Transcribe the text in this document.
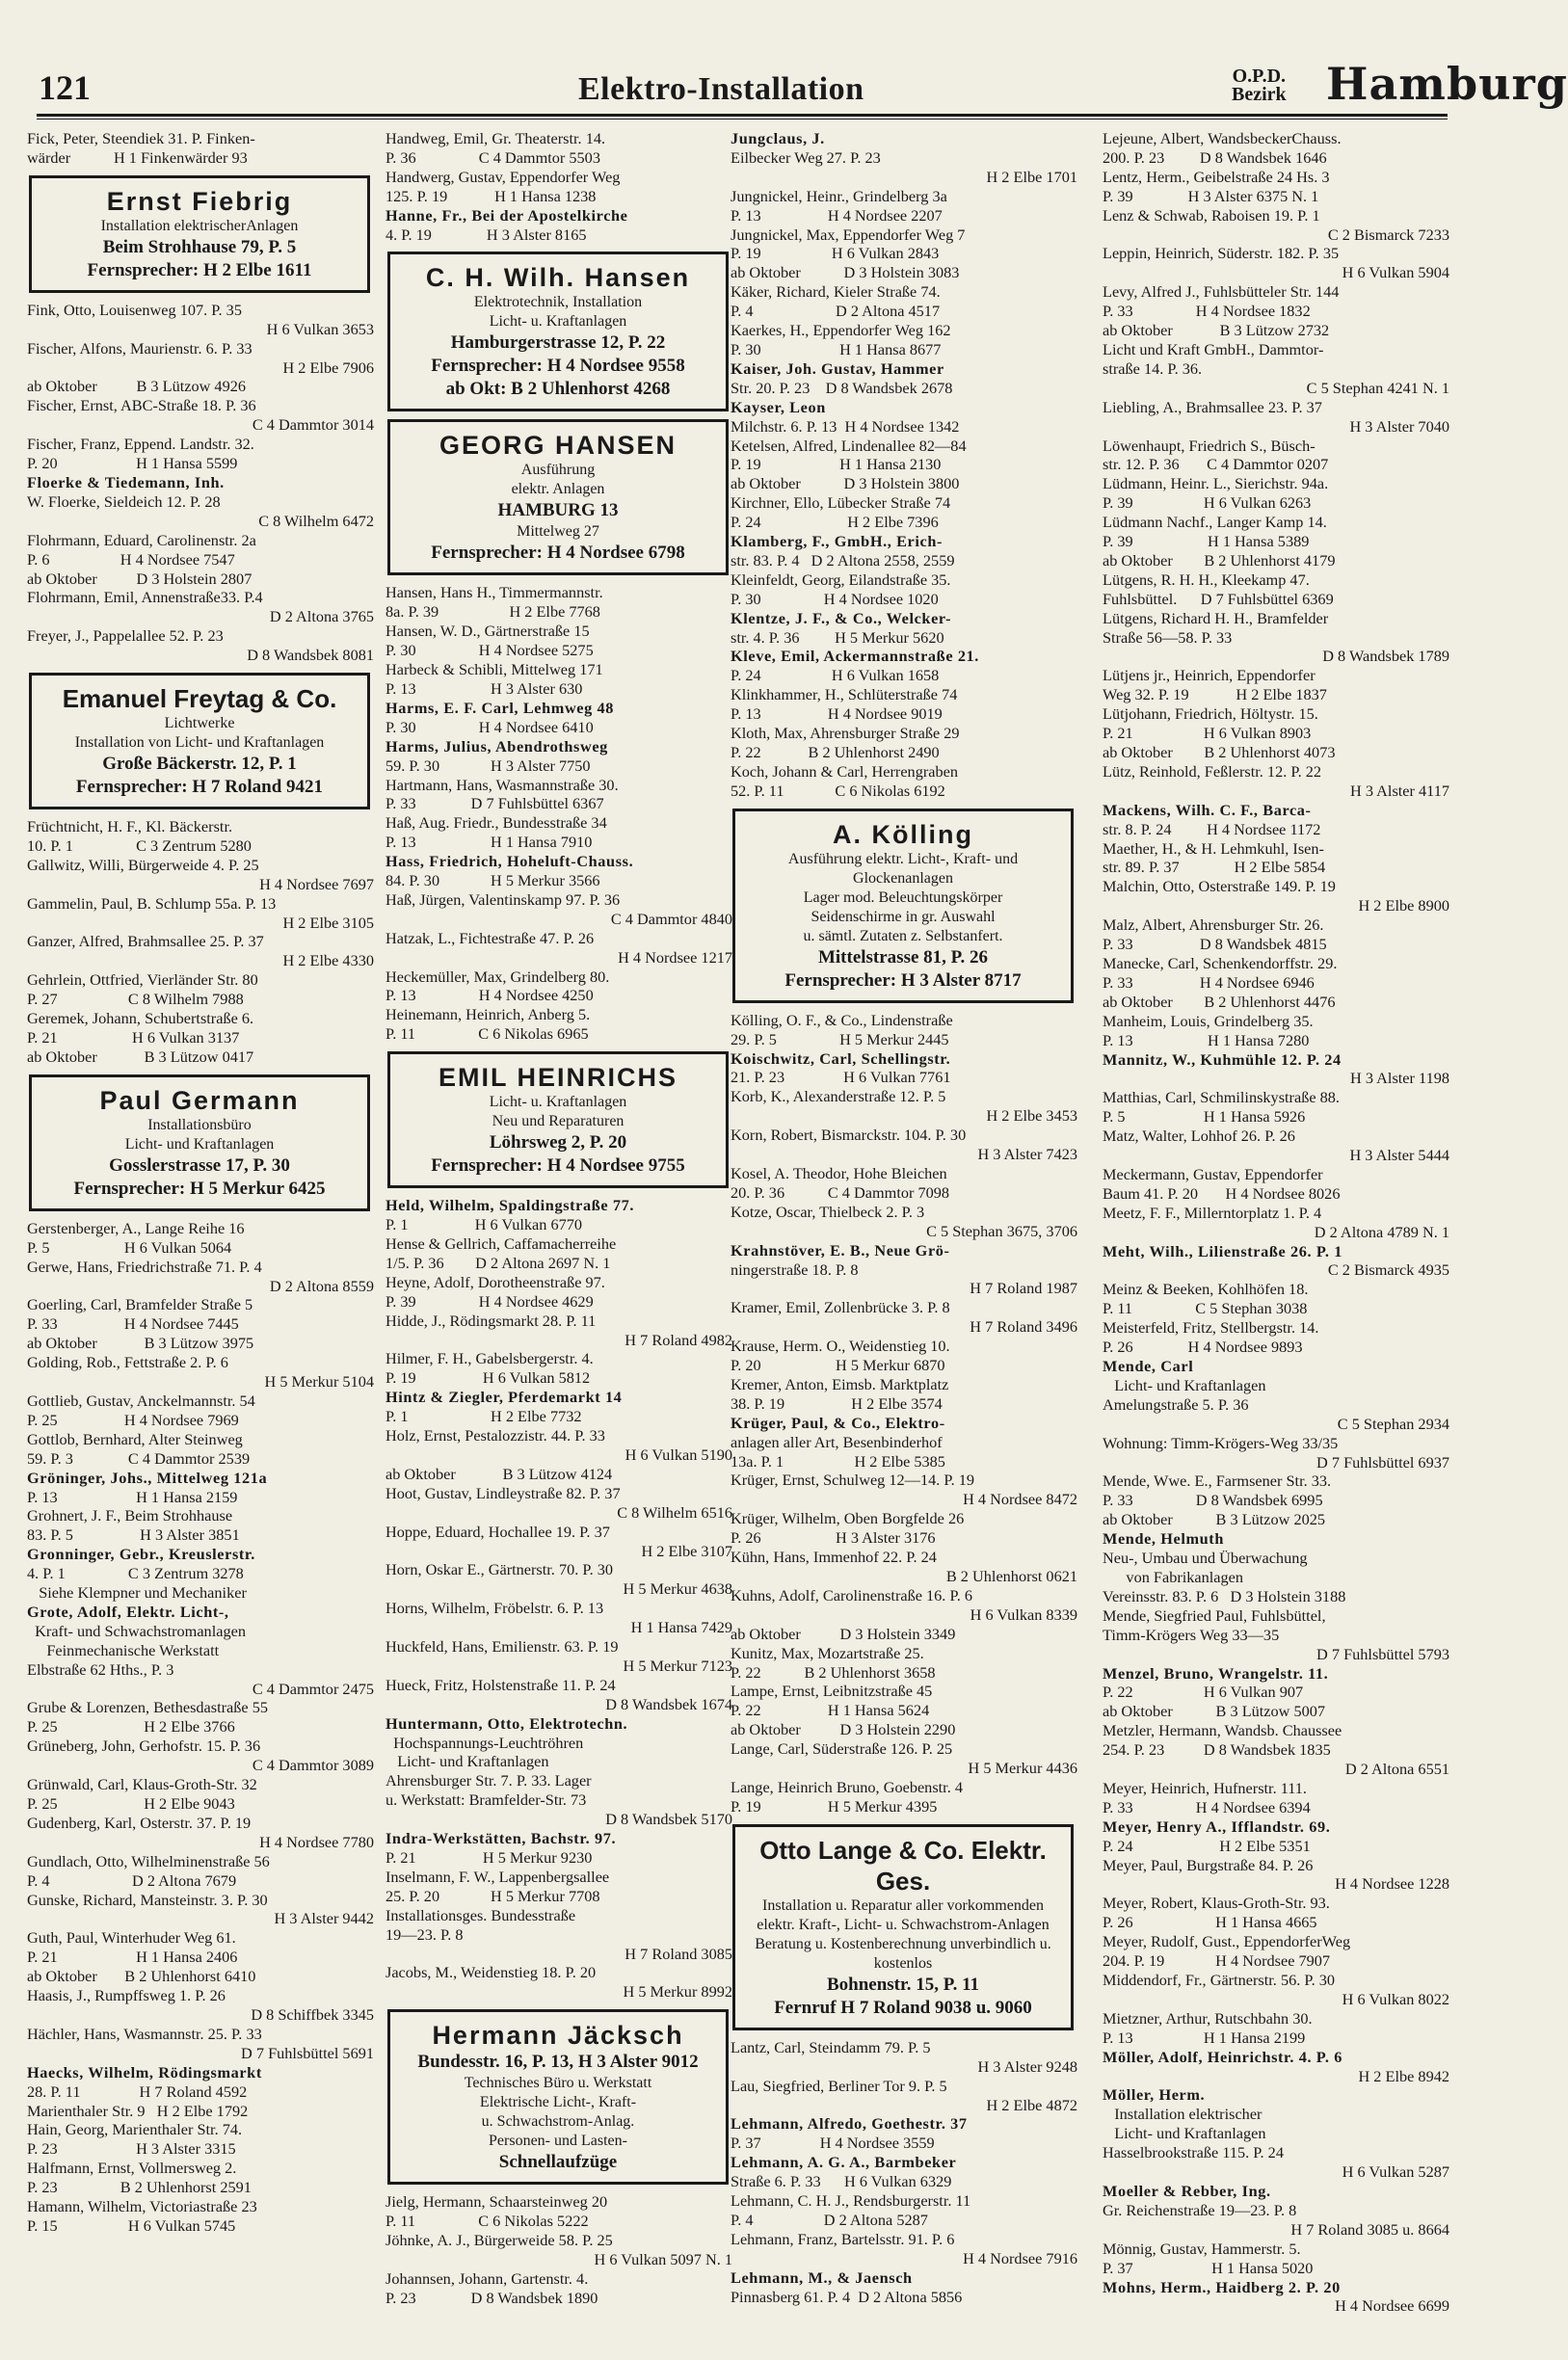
121	Elektro-Installation	O.P.D.
Bezirk Hamburg
Fick, Peter, Steendiek 31. P. Finken-
wärder           H 1 Finkenwärder 93
Ernst Fiebrig
Installation elektrischerAnlagen
Beim Strohhause 79, P. 5
Fernsprecher: H 2 Elbe 1611
Fink, Otto, Louisenweg 107. P. 35
H 6 Vulkan 3653
Fischer, Alfons, Maurienstr. 6. P. 33
H 2 Elbe 7906
ab Oktober          B 3 Lützow 4926
Fischer, Ernst, ABC-Straße 18. P. 36
C 4 Dammtor 3014
Fischer, Franz, Eppend. Landstr. 32.
P. 20                    H 1 Hansa 5599
Floerke & Tiedemann, Inh.
W. Floerke, Sieldeich 12. P. 28
C 8 Wilhelm 6472
Flohrmann, Eduard, Carolinenstr. 2a
P. 6                  H 4 Nordsee 7547
ab Oktober          D 3 Holstein 2807
Flohrmann, Emil, Annenstraße33. P.4
D 2 Altona 3765
Freyer, J., Pappelallee 52. P. 23
D 8 Wandsbek 8081
Emanuel Freytag & Co.
Lichtwerke
Installation von Licht- und Kraftanlagen
Große Bäckerstr. 12, P. 1
Fernsprecher: H 7 Roland 9421
Früchtnicht, H. F., Kl. Bäckerstr.
10. P. 1                C 3 Zentrum 5280
Gallwitz, Willi, Bürgerweide 4. P. 25
H 4 Nordsee 7697
Gammelin, Paul, B. Schlump 55a. P. 13
H 2 Elbe 3105
Ganzer, Alfred, Brahmsallee 25. P. 37
H 2 Elbe 4330
Gehrlein, Ottfried, Vierländer Str. 80
P. 27                  C 8 Wilhelm 7988
Geremek, Johann, Schubertstraße 6.
P. 21                   H 6 Vulkan 3137
ab Oktober            B 3 Lützow 0417
Paul Germann
Installationsbüro
Licht- und Kraftanlagen
Gosslerstrasse 17, P. 30
Fernsprecher: H 5 Merkur 6425
Gerstenberger, A., Lange Reihe 16
P. 5                   H 6 Vulkan 5064
Gerwe, Hans, Friedrichstraße 71. P. 4
D 2 Altona 8559
Goerling, Carl, Bramfelder Straße 5
P. 33                 H 4 Nordsee 7445
ab Oktober            B 3 Lützow 3975
Golding, Rob., Fettstraße 2. P. 6
H 5 Merkur 5104
Gottlieb, Gustav, Anckelmannstr. 54
P. 25                 H 4 Nordsee 7969
Gottlob, Bernhard, Alter Steinweg
59. P. 3              C 4 Dammtor 2539
Gröninger, Johs., Mittelweg 121a
P. 13                    H 1 Hansa 2159
Grohnert, J. F., Beim Strohhause
83. P. 5                 H 3 Alster 3851
Gronninger, Gebr., Kreuslerstr.
4. P. 1                C 3 Zentrum 3278
Siehe Klempner und Mechaniker
Grote, Adolf, Elektr. Licht-,
Kraft- und Schwachstromanlagen
Feinmechanische Werkstatt
Elbstraße 62 Hths., P. 3
C 4 Dammtor 2475
Grube & Lorenzen, Bethesdastraße 55
P. 25                      H 2 Elbe 3766
Grüneberg, John, Gerhofstr. 15. P. 36
C 4 Dammtor 3089
Grünwald, Carl, Klaus-Groth-Str. 32
P. 25                      H 2 Elbe 9043
Gudenberg, Karl, Osterstr. 37. P. 19
H 4 Nordsee 7780
Gundlach, Otto, Wilhelminenstraße 56
P. 4                     D 2 Altona 7679
Gunske, Richard, Mansteinstr. 3. P. 30
H 3 Alster 9442
Guth, Paul, Winterhuder Weg 61.
P. 21                    H 1 Hansa 2406
ab Oktober       B 2 Uhlenhorst 6410
Haasis, J., Rumpffsweg 1. P. 26
D 8 Schiffbek 3345
Hächler, Hans, Wasmannstr. 25. P. 33
D 7 Fuhlsbüttel 5691
Haecks, Wilhelm, Rödingsmarkt
28. P. 11               H 7 Roland 4592
Marienthaler Str. 9   H 2 Elbe 1792
Hain, Georg, Marienthaler Str. 74.
P. 23                    H 3 Alster 3315
Halfmann, Ernst, Vollmersweg 2.
P. 23                B 2 Uhlenhorst 2591
Hamann, Wilhelm, Victoriastraße 23
P. 15                  H 6 Vulkan 5745
Handweg, Emil, Gr. Theaterstr. 14.
P. 36                C 4 Dammtor 5503
Handwerg, Gustav, Eppendorfer Weg
125. P. 19            H 1 Hansa 1238
Hanne, Fr., Bei der Apostelkirche
4. P. 19              H 3 Alster 8165
C. H. Wilh. Hansen
Elektrotechnik, Installation
Licht- u. Kraftanlagen
Hamburgerstrasse 12, P. 22
Fernsprecher: H 4 Nordsee 9558
ab Okt: B 2 Uhlenhorst 4268
GEORG HANSEN
Ausführung
elektr. Anlagen
HAMBURG 13
Mittelweg 27
Fernsprecher: H 4 Nordsee 6798
Hansen, Hans H., Timmermannstr.
8a. P. 39                  H 2 Elbe 7768
Hansen, W. D., Gärtnerstraße 15
P. 30                H 4 Nordsee 5275
Harbeck & Schibli, Mittelweg 171
P. 13                   H 3 Alster 630
Harms, E. F. Carl, Lehmweg 48
P. 30                H 4 Nordsee 6410
Harms, Julius, Abendrothsweg
59. P. 30             H 3 Alster 7750
Hartmann, Hans, Wasmannstraße 30.
P. 33              D 7 Fuhlsbüttel 6367
Haß, Aug. Friedr., Bundesstraße 34
P. 13                   H 1 Hansa 7910
Hass, Friedrich, Hoheluft-Chauss.
84. P. 30             H 5 Merkur 3566
Haß, Jürgen, Valentinskamp 97. P. 36
C 4 Dammtor 4840
Hatzak, L., Fichtestraße 47. P. 26
H 4 Nordsee 1217
Heckemüller, Max, Grindelberg 80.
P. 13                H 4 Nordsee 4250
Heinemann, Heinrich, Anberg 5.
P. 11                C 6 Nikolas 6965
EMIL HEINRICHS
Licht- u. Kraftanlagen
Neu und Reparaturen
Löhrsweg 2, P. 20
Fernsprecher: H 4 Nordsee 9755
Held, Wilhelm, Spaldingstraße 77.
P. 1                 H 6 Vulkan 6770
Hense & Gellrich, Caffamacherreihe
1/5. P. 36        D 2 Altona 2697 N. 1
Heyne, Adolf, Dorotheenstraße 97.
P. 39                H 4 Nordsee 4629
Hidde, J., Rödingsmarkt 28. P. 11
H 7 Roland 4982
Hilmer, F. H., Gabelsbergerstr. 4.
P. 19                 H 6 Vulkan 5812
Hintz & Ziegler, Pferdemarkt 14
P. 1                     H 2 Elbe 7732
Holz, Ernst, Pestalozzistr. 44. P. 33
H 6 Vulkan 5190
ab Oktober            B 3 Lützow 4124
Hoot, Gustav, Lindleystraße 82. P. 37
C 8 Wilhelm 6516
Hoppe, Eduard, Hochallee 19. P. 37
H 2 Elbe 3107
Horn, Oskar E., Gärtnerstr. 70. P. 30
H 5 Merkur 4638
Horns, Wilhelm, Fröbelstr. 6. P. 13
H 1 Hansa 7429
Huckfeld, Hans, Emilienstr. 63. P. 19
H 5 Merkur 7123
Hueck, Fritz, Holstenstraße 11. P. 24
D 8 Wandsbek 1674
Huntermann, Otto, Elektrotechn.
Hochspannungs-Leuchtröhren
Licht- und Kraftanlagen
Ahrensburger Str. 7. P. 33. Lager
u. Werkstatt: Bramfelder-Str. 73
D 8 Wandsbek 5170
Indra-Werkstätten, Bachstr. 97.
P. 21                 H 5 Merkur 9230
Inselmann, F. W., Lappenbergsallee
25. P. 20             H 5 Merkur 7708
Installationsges. Bundesstraße
19—23. P. 8
H 7 Roland 3085
Jacobs, M., Weidenstieg 18. P. 20
H 5 Merkur 8992
Hermann Jäcksch
Bundesstr. 16, P. 13, H 3 Alster 9012
Technisches Büro u. Werkstatt
Elektrische Licht-, Kraft-
u. Schwachstrom-Anlag.
Personen- und Lasten-
Schnellaufzüge
Jielg, Hermann, Schaarsteinweg 20
P. 11                C 6 Nikolas 5222
Jöhnke, A. J., Bürgerweide 58. P. 25
H 6 Vulkan 5097 N. 1
Johannsen, Johann, Gartenstr. 4.
P. 23              D 8 Wandsbek 1890
Jungclaus, J.
Eilbecker Weg 27. P. 23
H 2 Elbe 1701
Jungnickel, Heinr., Grindelberg 3a
P. 13                 H 4 Nordsee 2207
Jungnickel, Max, Eppendorfer Weg 7
P. 19                  H 6 Vulkan 2843
ab Oktober           D 3 Holstein 3083
Käker, Richard, Kieler Straße 74.
P. 4                     D 2 Altona 4517
Kaerkes, H., Eppendorfer Weg 162
P. 30                    H 1 Hansa 8677
Kaiser, Joh. Gustav, Hammer
Str. 20. P. 23    D 8 Wandsbek 2678
Kayser, Leon
Milchstr. 6. P. 13  H 4 Nordsee 1342
Ketelsen, Alfred, Lindenallee 82—84
P. 19                    H 1 Hansa 2130
ab Oktober           D 3 Holstein 3800
Kirchner, Ello, Lübecker Straße 74
P. 24                      H 2 Elbe 7396
Klamberg, F., GmbH., Erich-
str. 83. P. 4   D 2 Altona 2558, 2559
Kleinfeldt, Georg, Eilandstraße 35.
P. 30                H 4 Nordsee 1020
Klentze, J. F., & Co., Welcker-
str. 4. P. 36         H 5 Merkur 5620
Kleve, Emil, Ackermannstraße 21.
P. 24                  H 6 Vulkan 1658
Klinkhammer, H., Schlüterstraße 74
P. 13                 H 4 Nordsee 9019
Kloth, Max, Ahrensburger Straße 29
P. 22            B 2 Uhlenhorst 2490
Koch, Johann & Carl, Herrengraben
52. P. 11             C 6 Nikolas 6192
A. Kölling
Ausführung elektr. Licht-, Kraft- und Glockenanlagen
Lager mod. Beleuchtungskörper
Seidenschirme in gr. Auswahl
u. sämtl. Zutaten z. Selbstanfert.
Mittelstrasse 81, P. 26
Fernsprecher: H 3 Alster 8717
Kölling, O. F., & Co., Lindenstraße
29. P. 5                H 5 Merkur 2445
Koischwitz, Carl, Schellingstr.
21. P. 23               H 6 Vulkan 7761
Korb, K., Alexanderstraße 12. P. 5
H 2 Elbe 3453
Korn, Robert, Bismarckstr. 104. P. 30
H 3 Alster 7423
Kosel, A. Theodor, Hohe Bleichen
20. P. 36           C 4 Dammtor 7098
Kotze, Oscar, Thielbeck 2. P. 3
C 5 Stephan 3675, 3706
Krahnstöver, E. B., Neue Grö-
ningerstraße 18. P. 8
H 7 Roland 1987
Kramer, Emil, Zollenbrücke 3. P. 8
H 7 Roland 3496
Krause, Herm. O., Weidenstieg 10.
P. 20                   H 5 Merkur 6870
Kremer, Anton, Eimsb. Marktplatz
38. P. 19                 H 2 Elbe 3574
Krüger, Paul, & Co., Elektro-
anlagen aller Art, Besenbinderhof
13a. P. 1                  H 2 Elbe 5385
Krüger, Ernst, Schulweg 12—14. P. 19
H 4 Nordsee 8472
Krüger, Wilhelm, Oben Borgfelde 26
P. 26                   H 3 Alster 3176
Kühn, Hans, Immenhof 22. P. 24
B 2 Uhlenhorst 0621
Kuhns, Adolf, Carolinenstraße 16. P. 6
H 6 Vulkan 8339
ab Oktober          D 3 Holstein 3349
Kunitz, Max, Mozartstraße 25.
P. 22           B 2 Uhlenhorst 3658
Lampe, Ernst, Leibnitzstraße 45
P. 22                 H 1 Hansa 5624
ab Oktober          D 3 Holstein 2290
Lange, Carl, Süderstraße 126. P. 25
H 5 Merkur 4436
Lange, Heinrich Bruno, Goebenstr. 4
P. 19                 H 5 Merkur 4395
Otto Lange & Co. Elektr. Ges.
Installation u. Reparatur aller vorkommenden elektr. Kraft-, Licht- u. Schwachstrom-Anlagen
Beratung u. Kostenberechnung unverbindlich u. kostenlos
Bohnenstr. 15, P. 11
Fernruf H 7 Roland 9038 u. 9060
Lantz, Carl, Steindamm 79. P. 5
H 3 Alster 9248
Lau, Siegfried, Berliner Tor 9. P. 5
H 2 Elbe 4872
Lehmann, Alfredo, Goethestr. 37
P. 37               H 4 Nordsee 3559
Lehmann, A. G. A., Barmbeker
Straße 6. P. 33      H 6 Vulkan 6329
Lehmann, C. H. J., Rendsburgerstr. 11
P. 4                  D 2 Altona 5287
Lehmann, Franz, Bartelsstr. 91. P. 6
H 4 Nordsee 7916
Lehmann, M., & Jaensch
Pinnasberg 61. P. 4  D 2 Altona 5856
Lejeune, Albert, WandsbeckerChauss.
200. P. 23         D 8 Wandsbek 1646
Lentz, Herm., Geibelstraße 24 Hs. 3
P. 39              H 3 Alster 6375 N. 1
Lenz & Schwab, Raboisen 19. P. 1
C 2 Bismarck 7233
Leppin, Heinrich, Süderstr. 182. P. 35
H 6 Vulkan 5904
Levy, Alfred J., Fuhlsbütteler Str. 144
P. 33                H 4 Nordsee 1832
ab Oktober            B 3 Lützow 2732
Licht und Kraft GmbH., Dammtor-
straße 14. P. 36.
C 5 Stephan 4241 N. 1
Liebling, A., Brahmsallee 23. P. 37
H 3 Alster 7040
Löwenhaupt, Friedrich S., Büsch-
str. 12. P. 36       C 4 Dammtor 0207
Lüdmann, Heinr. L., Sierichstr. 94a.
P. 39                  H 6 Vulkan 6263
Lüdmann Nachf., Langer Kamp 14.
P. 39                   H 1 Hansa 5389
ab Oktober        B 2 Uhlenhorst 4179
Lütgens, R. H. H., Kleekamp 47.
Fuhlsbüttel.      D 7 Fuhlsbüttel 6369
Lütgens, Richard H. H., Bramfelder
Straße 56—58. P. 33
D 8 Wandsbek 1789
Lütjens jr., Heinrich, Eppendorfer
Weg 32. P. 19            H 2 Elbe 1837
Lütjohann, Friedrich, Höltystr. 15.
P. 21                  H 6 Vulkan 8903
ab Oktober        B 2 Uhlenhorst 4073
Lütz, Reinhold, Feßlerstr. 12. P. 22
H 3 Alster 4117
Mackens, Wilh. C. F., Barca-
str. 8. P. 24         H 4 Nordsee 1172
Maether, H., & H. Lehmkuhl, Isen-
str. 89. P. 37              H 2 Elbe 5854
Malchin, Otto, Osterstraße 149. P. 19
H 2 Elbe 8900
Malz, Albert, Ahrensburger Str. 26.
P. 33                 D 8 Wandsbek 4815
Manecke, Carl, Schenkendorffstr. 29.
P. 33                 H 4 Nordsee 6946
ab Oktober        B 2 Uhlenhorst 4476
Manheim, Louis, Grindelberg 35.
P. 13                   H 1 Hansa 7280
Mannitz, W., Kuhmühle 12. P. 24
H 3 Alster 1198
Matthias, Carl, Schmilinskystraße 88.
P. 5                    H 1 Hansa 5926
Matz, Walter, Lohhof 26. P. 26
H 3 Alster 5444
Meckermann, Gustav, Eppendorfer
Baum 41. P. 20       H 4 Nordsee 8026
Meetz, F. F., Millerntorplatz 1. P. 4
D 2 Altona 4789 N. 1
Meht, Wilh., Lilienstraße 26. P. 1
C 2 Bismarck 4935
Meinz & Beeken, Kohlhöfen 18.
P. 11                C 5 Stephan 3038
Meisterfeld, Fritz, Stellbergstr. 14.
P. 26              H 4 Nordsee 9893
Mende, Carl
Licht- und Kraftanlagen
Amelungstraße 5. P. 36
C 5 Stephan 2934
Wohnung: Timm-Krögers-Weg 33/35
D 7 Fuhlsbüttel 6937
Mende, Wwe. E., Farmsener Str. 33.
P. 33                D 8 Wandsbek 6995
ab Oktober           B 3 Lützow 2025
Mende, Helmuth
Neu-, Umbau und Überwachung
von Fabrikanlagen
Vereinsstr. 83. P. 6   D 3 Holstein 3188
Mende, Siegfried Paul, Fuhlsbüttel,
Timm-Krögers Weg 33—35
D 7 Fuhlsbüttel 5793
Menzel, Bruno, Wrangelstr. 11.
P. 22                  H 6 Vulkan 907
ab Oktober           B 3 Lützow 5007
Metzler, Hermann, Wandsb. Chaussee
254. P. 23          D 8 Wandsbek 1835
D 2 Altona 6551
Meyer, Heinrich, Hufnerstr. 111.
P. 33                H 4 Nordsee 6394
Meyer, Henry A., Ifflandstr. 69.
P. 24                      H 2 Elbe 5351
Meyer, Paul, Burgstraße 84. P. 26
H 4 Nordsee 1228
Meyer, Robert, Klaus-Groth-Str. 93.
P. 26                     H 1 Hansa 4665
Meyer, Rudolf, Gust., EppendorferWeg
204. P. 19             H 4 Nordsee 7907
Middendorf, Fr., Gärtnerstr. 56. P. 30
H 6 Vulkan 8022
Mietzner, Arthur, Rutschbahn 30.
P. 13                  H 1 Hansa 2199
Möller, Adolf, Heinrichstr. 4. P. 6
H 2 Elbe 8942
Möller, Herm.
Installation elektrischer
Licht- und Kraftanlagen
Hasselbrookstraße 115. P. 24
H 6 Vulkan 5287
Moeller & Rebber, Ing.
Gr. Reichenstraße 19—23. P. 8
H 7 Roland 3085 u. 8664
Mönnig, Gustav, Hammerstr. 5.
P. 37                    H 1 Hansa 5020
Mohns, Herm., Haidberg 2. P. 20
H 4 Nordsee 6699
